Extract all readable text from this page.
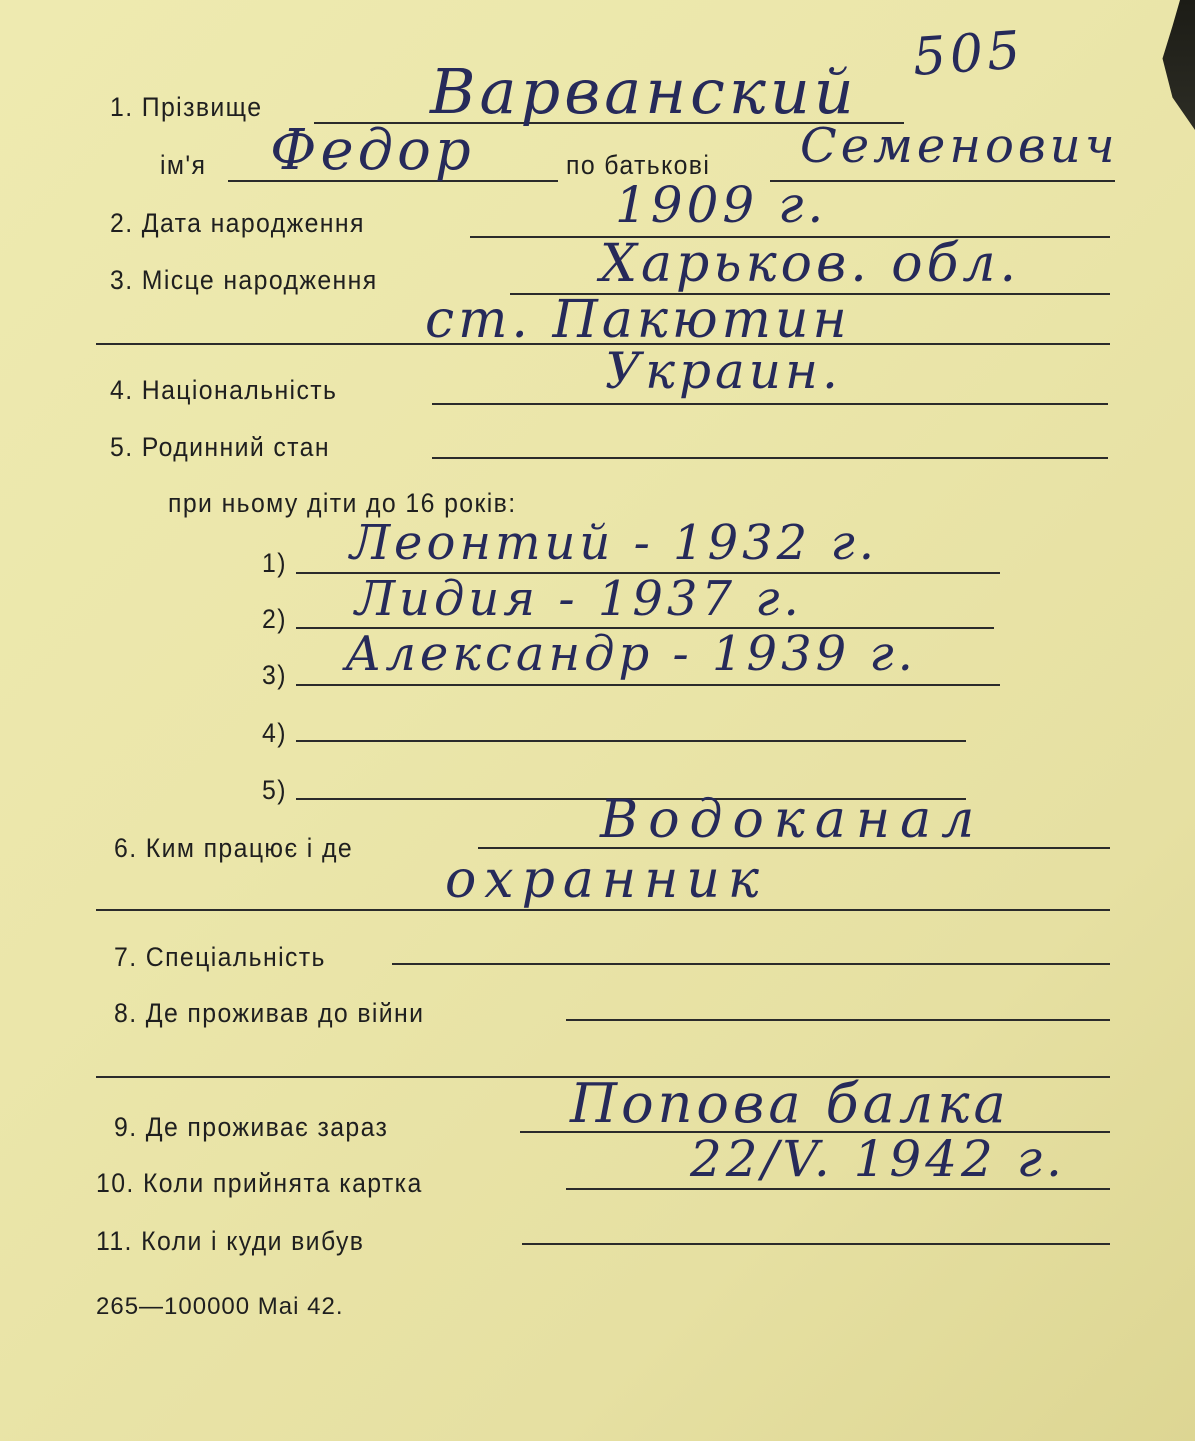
505
1. Прізвище	Варванский
ім'я Федор	по батькові Семенович
2. Дата народження	1909 г.
3. Місце народження	Харьков. обл.
ст. Пакютин
4. Національність	Украин.
5. Родинний стан
при ньому діти до 16 років:
1) Леонтий - 1932 г.
2) Лидия - 1937 г.
3) Александр - 1939 г.
4)
5)
6. Ким працює і де	Водоканал
охранник
7. Спеціальність
8. Де проживав до війни
9. Де проживає зараз	Попова балка
10. Коли прийнята картка	22/V. 1942 г.
11. Коли і куди вибув
265—100000 Mai 42.
